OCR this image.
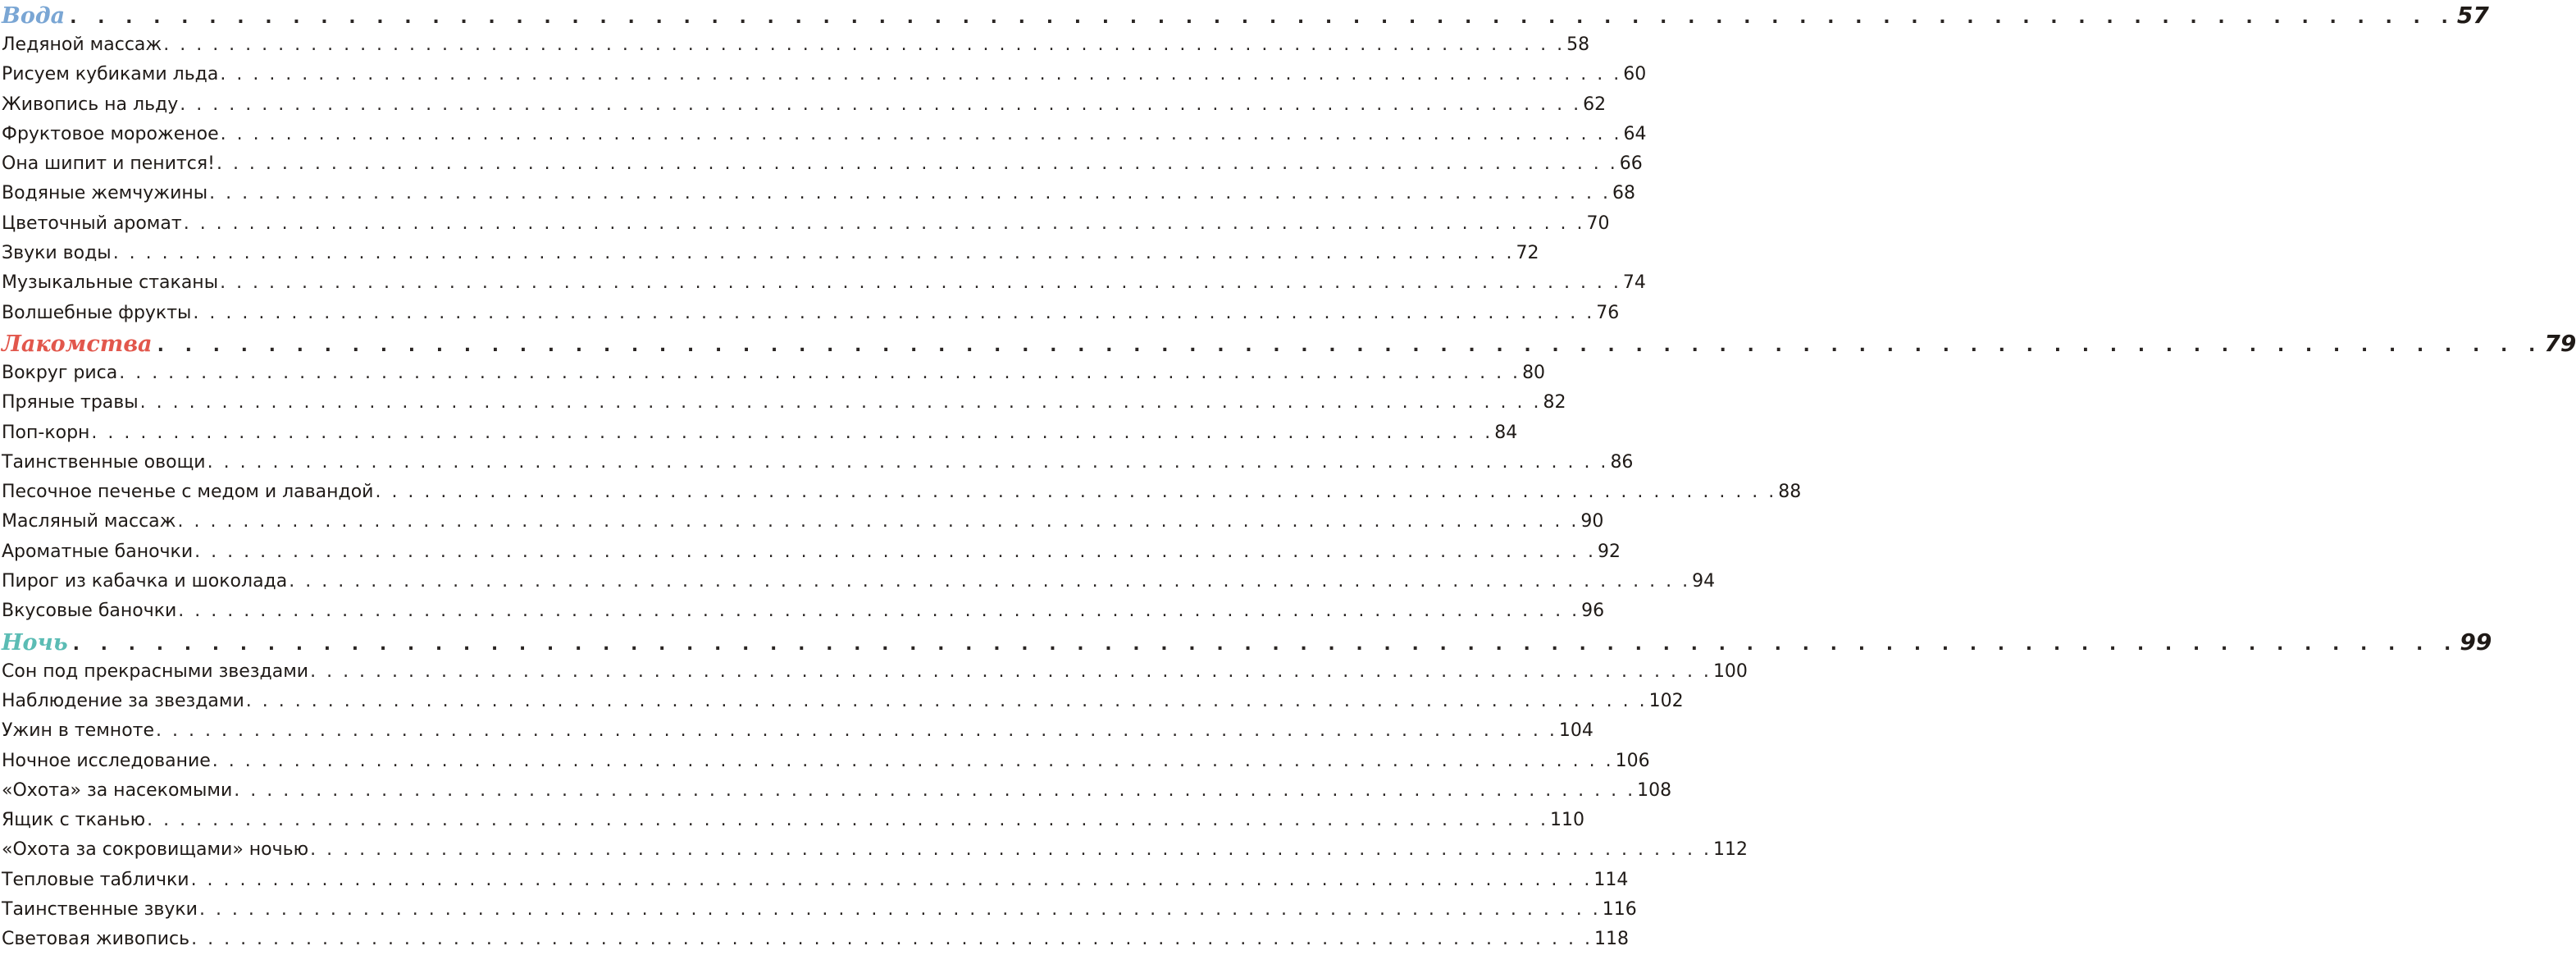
Вода . . . . . . . . . . . . . . . . . . . . . . . . . . . . . . . . . . . . . . . . . . . . . . . . . . . . . . . . . . . . . . . . . . . . . . . . . . . . . . . . . . . . . . 57
Ледяной массаж . . . . . . . . . . . . . . . . . . . . . . . . . . . . . . . . . . . . . . . . . . . . . . . . . . . . . . . . . . . . . . . . . . . . . . . . . . . . . . . . . . . . . . 58
Рисуем кубиками льда . . . . . . . . . . . . . . . . . . . . . . . . . . . . . . . . . . . . . . . . . . . . . . . . . . . . . . . . . . . . . . . . . . . . . . . . . . . . . . . . . . . . . . 60
Живопись на льду . . . . . . . . . . . . . . . . . . . . . . . . . . . . . . . . . . . . . . . . . . . . . . . . . . . . . . . . . . . . . . . . . . . . . . . . . . . . . . . . . . . . . . 62
Фруктовое мороженое . . . . . . . . . . . . . . . . . . . . . . . . . . . . . . . . . . . . . . . . . . . . . . . . . . . . . . . . . . . . . . . . . . . . . . . . . . . . . . . . . . . . . . 64
Она шипит и пенится! . . . . . . . . . . . . . . . . . . . . . . . . . . . . . . . . . . . . . . . . . . . . . . . . . . . . . . . . . . . . . . . . . . . . . . . . . . . . . . . . . . . . . . 66
Водяные жемчужины . . . . . . . . . . . . . . . . . . . . . . . . . . . . . . . . . . . . . . . . . . . . . . . . . . . . . . . . . . . . . . . . . . . . . . . . . . . . . . . . . . . . . . 68
Цветочный аромат . . . . . . . . . . . . . . . . . . . . . . . . . . . . . . . . . . . . . . . . . . . . . . . . . . . . . . . . . . . . . . . . . . . . . . . . . . . . . . . . . . . . . . 70
Звуки воды . . . . . . . . . . . . . . . . . . . . . . . . . . . . . . . . . . . . . . . . . . . . . . . . . . . . . . . . . . . . . . . . . . . . . . . . . . . . . . . . . . . . . . 72
Музыкальные стаканы . . . . . . . . . . . . . . . . . . . . . . . . . . . . . . . . . . . . . . . . . . . . . . . . . . . . . . . . . . . . . . . . . . . . . . . . . . . . . . . . . . . . . . 74
Волшебные фрукты . . . . . . . . . . . . . . . . . . . . . . . . . . . . . . . . . . . . . . . . . . . . . . . . . . . . . . . . . . . . . . . . . . . . . . . . . . . . . . . . . . . . . . 76
Лакомства . . . . . . . . . . . . . . . . . . . . . . . . . . . . . . . . . . . . . . . . . . . . . . . . . . . . . . . . . . . . . . . . . . . . . . . . . . . . . . . . . . . . . . 79
Вокруг риса . . . . . . . . . . . . . . . . . . . . . . . . . . . . . . . . . . . . . . . . . . . . . . . . . . . . . . . . . . . . . . . . . . . . . . . . . . . . . . . . . . . . . . 80
Пряные травы . . . . . . . . . . . . . . . . . . . . . . . . . . . . . . . . . . . . . . . . . . . . . . . . . . . . . . . . . . . . . . . . . . . . . . . . . . . . . . . . . . . . . . 82
Поп-корн . . . . . . . . . . . . . . . . . . . . . . . . . . . . . . . . . . . . . . . . . . . . . . . . . . . . . . . . . . . . . . . . . . . . . . . . . . . . . . . . . . . . . . 84
Таинственные овощи . . . . . . . . . . . . . . . . . . . . . . . . . . . . . . . . . . . . . . . . . . . . . . . . . . . . . . . . . . . . . . . . . . . . . . . . . . . . . . . . . . . . . . 86
Песочное печенье с медом и лавандой . . . . . . . . . . . . . . . . . . . . . . . . . . . . . . . . . . . . . . . . . . . . . . . . . . . . . . . . . . . . . . . . . . . . . . . . . . . . . . . . . . . . . . 88
Масляный массаж . . . . . . . . . . . . . . . . . . . . . . . . . . . . . . . . . . . . . . . . . . . . . . . . . . . . . . . . . . . . . . . . . . . . . . . . . . . . . . . . . . . . . . 90
Ароматные баночки . . . . . . . . . . . . . . . . . . . . . . . . . . . . . . . . . . . . . . . . . . . . . . . . . . . . . . . . . . . . . . . . . . . . . . . . . . . . . . . . . . . . . . 92
Пирог из кабачка и шоколада . . . . . . . . . . . . . . . . . . . . . . . . . . . . . . . . . . . . . . . . . . . . . . . . . . . . . . . . . . . . . . . . . . . . . . . . . . . . . . . . . . . . . . 94
Вкусовые баночки . . . . . . . . . . . . . . . . . . . . . . . . . . . . . . . . . . . . . . . . . . . . . . . . . . . . . . . . . . . . . . . . . . . . . . . . . . . . . . . . . . . . . . 96
Ночь . . . . . . . . . . . . . . . . . . . . . . . . . . . . . . . . . . . . . . . . . . . . . . . . . . . . . . . . . . . . . . . . . . . . . . . . . . . . . . . . . . . . . . 99
Сон под прекрасными звездами . . . . . . . . . . . . . . . . . . . . . . . . . . . . . . . . . . . . . . . . . . . . . . . . . . . . . . . . . . . . . . . . . . . . . . . . . . . . . . . . . . . . . . 100
Наблюдение за звездами . . . . . . . . . . . . . . . . . . . . . . . . . . . . . . . . . . . . . . . . . . . . . . . . . . . . . . . . . . . . . . . . . . . . . . . . . . . . . . . . . . . . . . 102
Ужин в темноте . . . . . . . . . . . . . . . . . . . . . . . . . . . . . . . . . . . . . . . . . . . . . . . . . . . . . . . . . . . . . . . . . . . . . . . . . . . . . . . . . . . . . . 104
Ночное исследование . . . . . . . . . . . . . . . . . . . . . . . . . . . . . . . . . . . . . . . . . . . . . . . . . . . . . . . . . . . . . . . . . . . . . . . . . . . . . . . . . . . . . . 106
«Охота» за насекомыми . . . . . . . . . . . . . . . . . . . . . . . . . . . . . . . . . . . . . . . . . . . . . . . . . . . . . . . . . . . . . . . . . . . . . . . . . . . . . . . . . . . . . . 108
Ящик с тканью . . . . . . . . . . . . . . . . . . . . . . . . . . . . . . . . . . . . . . . . . . . . . . . . . . . . . . . . . . . . . . . . . . . . . . . . . . . . . . . . . . . . . . 110
«Охота за сокровищами» ночью . . . . . . . . . . . . . . . . . . . . . . . . . . . . . . . . . . . . . . . . . . . . . . . . . . . . . . . . . . . . . . . . . . . . . . . . . . . . . . . . . . . . . . 112
Тепловые таблички . . . . . . . . . . . . . . . . . . . . . . . . . . . . . . . . . . . . . . . . . . . . . . . . . . . . . . . . . . . . . . . . . . . . . . . . . . . . . . . . . . . . . . 114
Таинственные звуки . . . . . . . . . . . . . . . . . . . . . . . . . . . . . . . . . . . . . . . . . . . . . . . . . . . . . . . . . . . . . . . . . . . . . . . . . . . . . . . . . . . . . . 116
Световая живопись . . . . . . . . . . . . . . . . . . . . . . . . . . . . . . . . . . . . . . . . . . . . . . . . . . . . . . . . . . . . . . . . . . . . . . . . . . . . . . . . . . . . . . 118
